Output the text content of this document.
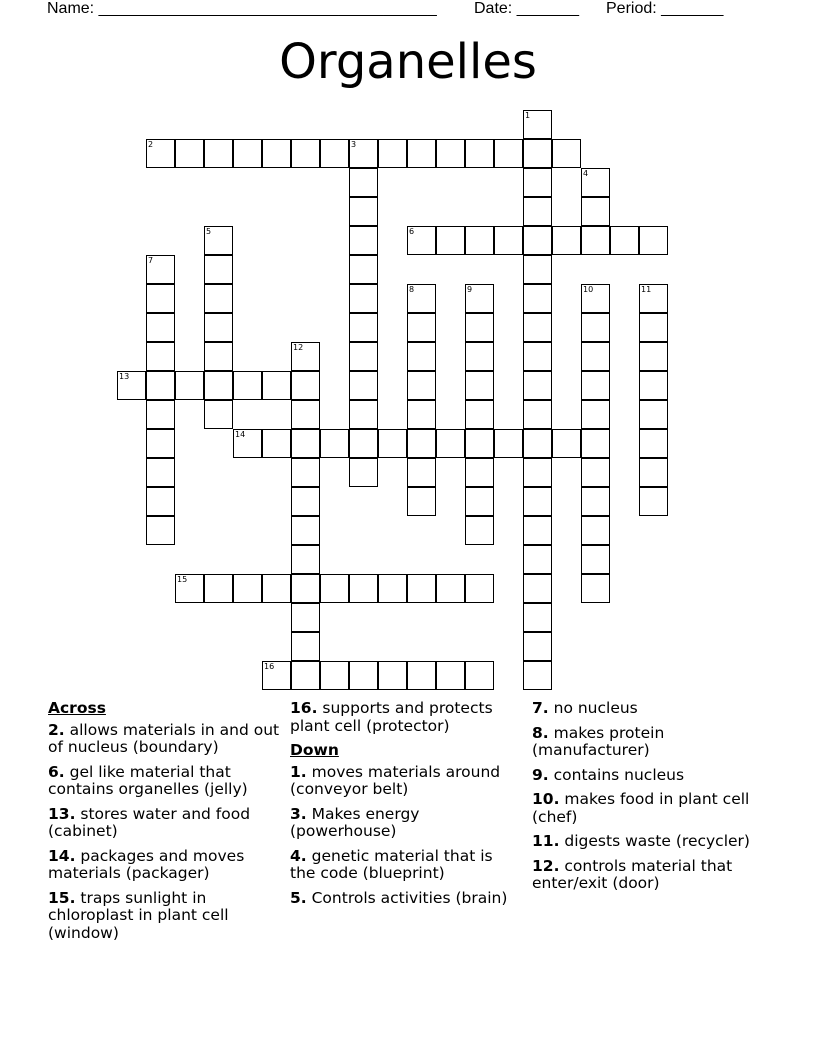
Name: ______________________________________ Date: _______ Period: _______
Organelles
1
2	3
4
5	6
7
8	9	10	11
12
13
14
15
16
Across
2. allows materials in and out of nucleus (boundary)
6. gel like material that contains organelles (jelly)
13. stores water and food (cabinet)
14. packages and moves materials (packager)
15. traps sunlight in chloroplast in plant cell (window)
16. supports and protects plant cell (protector)
Down
1. moves materials around (conveyor belt)
3. Makes energy (powerhouse)
4. genetic material that is the code (blueprint)
5. Controls activities (brain)
7. no nucleus
8. makes protein (manufacturer)
9. contains nucleus
10. makes food in plant cell (chef)
11. digests waste (recycler)
12. controls material that enter/exit (door)
